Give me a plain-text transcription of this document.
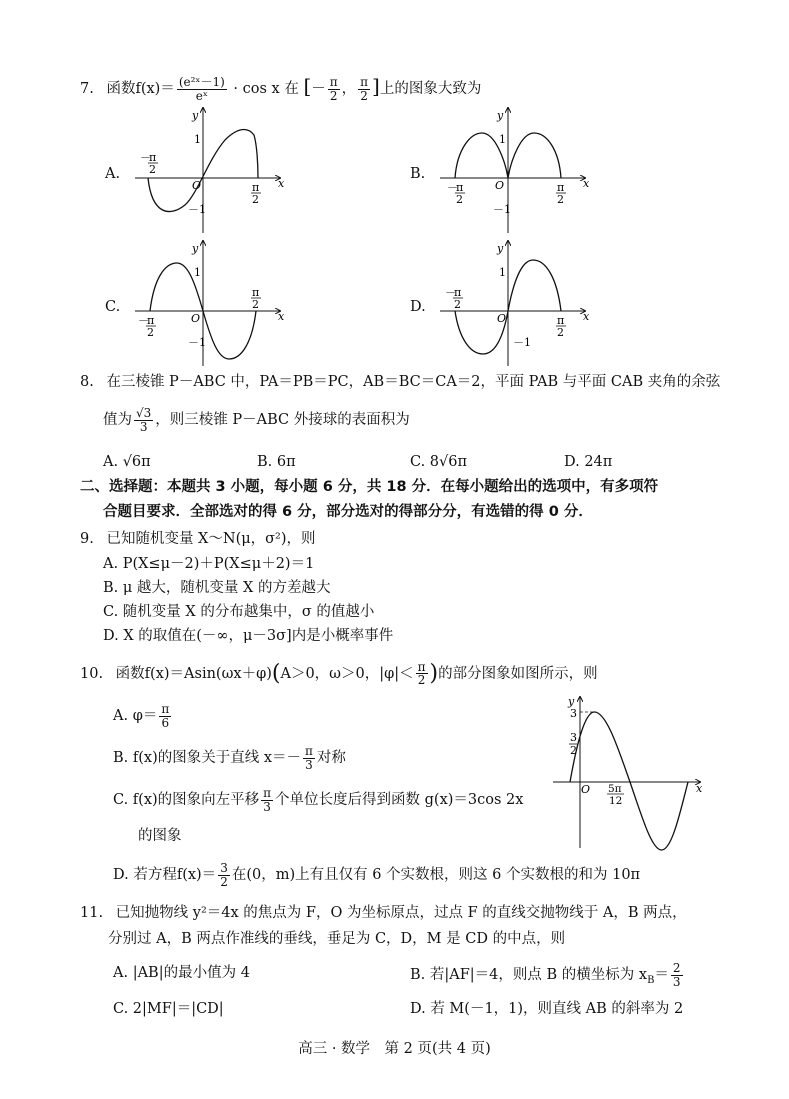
7. 函数$f(x)= \frac{\text{(e²ˣ－1)}}{\text{eˣ}} \cdot \cos x$ 在 [－ $\frac{\pi}{2}$ ， $\frac{\pi}{2}$ ]上的图象大致为
A.	B.
C.	D.
y
x
O
1
－1
－
π
2
π
2
y
x
O
1
－1
－
π
2
π
2
y
x
O
1
－1
－
π
2
π
2
y
x
O
1
－1
－
π
2
π
2
8. 在三棱锥 P－ABC 中，PA＝PB＝PC，AB＝BC＝CA＝2，平面 PAB 与平面 CAB 夹角的余弦
值为 $\frac{√3}{3}$ ，则三棱锥 P－ABC 外接球的表面积为
A. √6π	B. 6π	C. 8√6π	D. 24π
二、选择题：本题共 3 小题，每小题 6 分，共 18 分．在每小题给出的选项中，有多项符
合题目要求．全部选对的得 6 分，部分选对的得部分分，有选错的得 0 分．
9. 已知随机变量 X～N(μ，σ²)，则
A. P(X≤μ－2)＋P(X≤μ＋2)＝1
B. μ 越大，随机变量 X 的方差越大
C. 随机变量 X 的分布越集中，σ 的值越小
D. X 的取值在(－∞，μ－3σ]内是小概率事件
10. 函数f(x)＝Asin(ωx＋φ)(A＞0，ω＞0，$|\varphi|< \frac{\pi}{2}$ )的部分图象如图所示，则
A. $\varphi= \frac{\pi}{6}$
B. f(x)的图象关于直线 $x=- \frac{\pi}{3}$ 对称
C. f(x)的图象向左平移 $\frac{\pi}{3}$ 个单位长度后得到函数 g(x)＝3cos 2x
的图象
D. 若方程$f(x)= \frac{3}{2}$ 在(0，m)上有且仅有 6 个实数根，则这 6 个实数根的和为 10π
y
x
O
3
3
2
5π
12
11. 已知抛物线 y²＝4x 的焦点为 F，O 为坐标原点，过点 F 的直线交抛物线于 A，B 两点，
分别过 A，B 两点作准线的垂线，垂足为 C，D，M 是 CD 的中点，则
A. |AB|的最小值为 4	B. 若|AF|＝4，则点 B 的横坐标为 $x_B= \frac{2}{3}$
C. 2|MF|＝|CD|	D. 若 M(－1，1)，则直线 AB 的斜率为 2
高三 · 数学　第 2 页(共 4 页)
